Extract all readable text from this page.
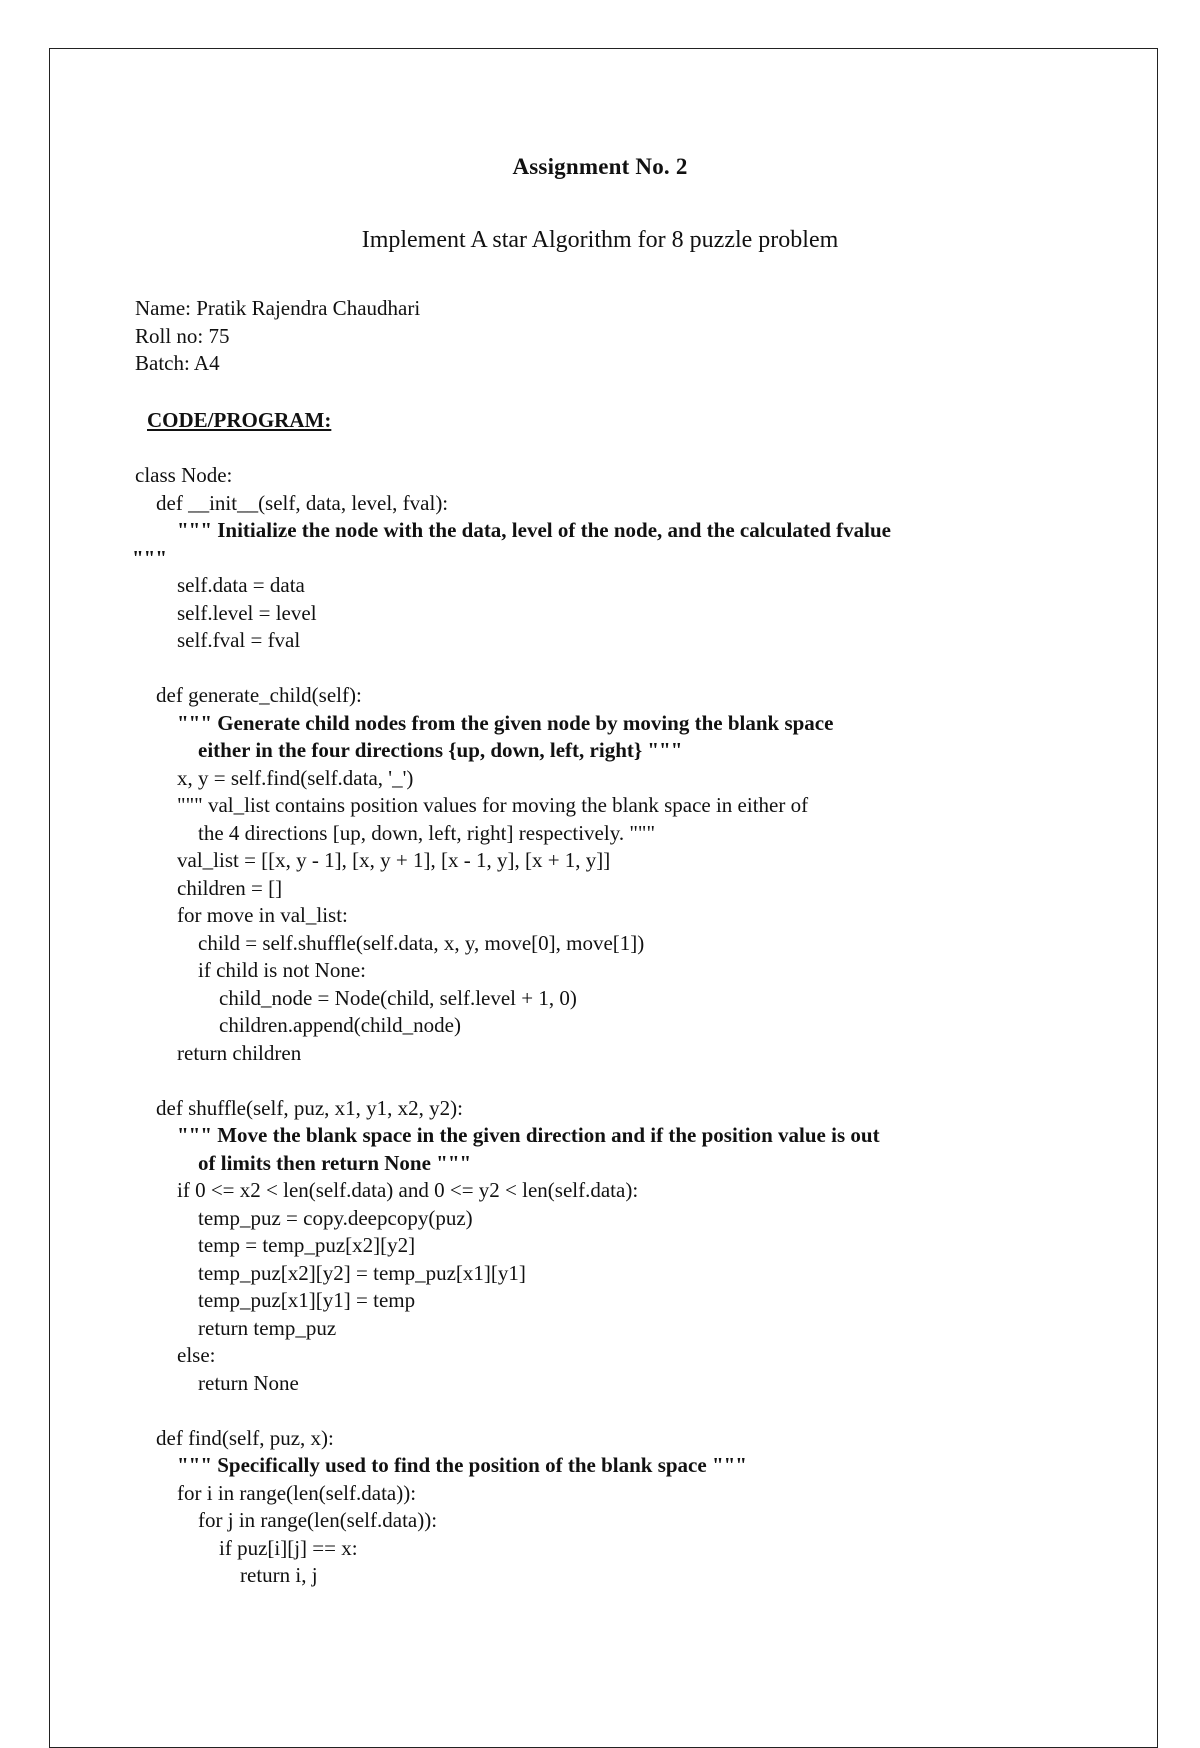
Assignment No. 2
Implement A star Algorithm for 8 puzzle problem
Name: Pratik Rajendra Chaudhari
Roll no: 75
Batch: A4
CODE/PROGRAM:
class Node:
def __init__(self, data, level, fval):
""" Initialize the node with the data, level of the node, and the calculated fvalue
"""
self.data = data
self.level = level
self.fval = fval
def generate_child(self):
""" Generate child nodes from the given node by moving the blank space
either in the four directions {up, down, left, right} """
x, y = self.find(self.data, '_')
""" val_list contains position values for moving the blank space in either of
the 4 directions [up, down, left, right] respectively. """
val_list = [[x, y - 1], [x, y + 1], [x - 1, y], [x + 1, y]]
children = []
for move in val_list:
child = self.shuffle(self.data, x, y, move[0], move[1])
if child is not None:
child_node = Node(child, self.level + 1, 0)
children.append(child_node)
return children
def shuffle(self, puz, x1, y1, x2, y2):
""" Move the blank space in the given direction and if the position value is out
of limits then return None """
if 0 <= x2 < len(self.data) and 0 <= y2 < len(self.data):
temp_puz = copy.deepcopy(puz)
temp = temp_puz[x2][y2]
temp_puz[x2][y2] = temp_puz[x1][y1]
temp_puz[x1][y1] = temp
return temp_puz
else:
return None
def find(self, puz, x):
""" Specifically used to find the position of the blank space """
for i in range(len(self.data)):
for j in range(len(self.data)):
if puz[i][j] == x:
return i, j
